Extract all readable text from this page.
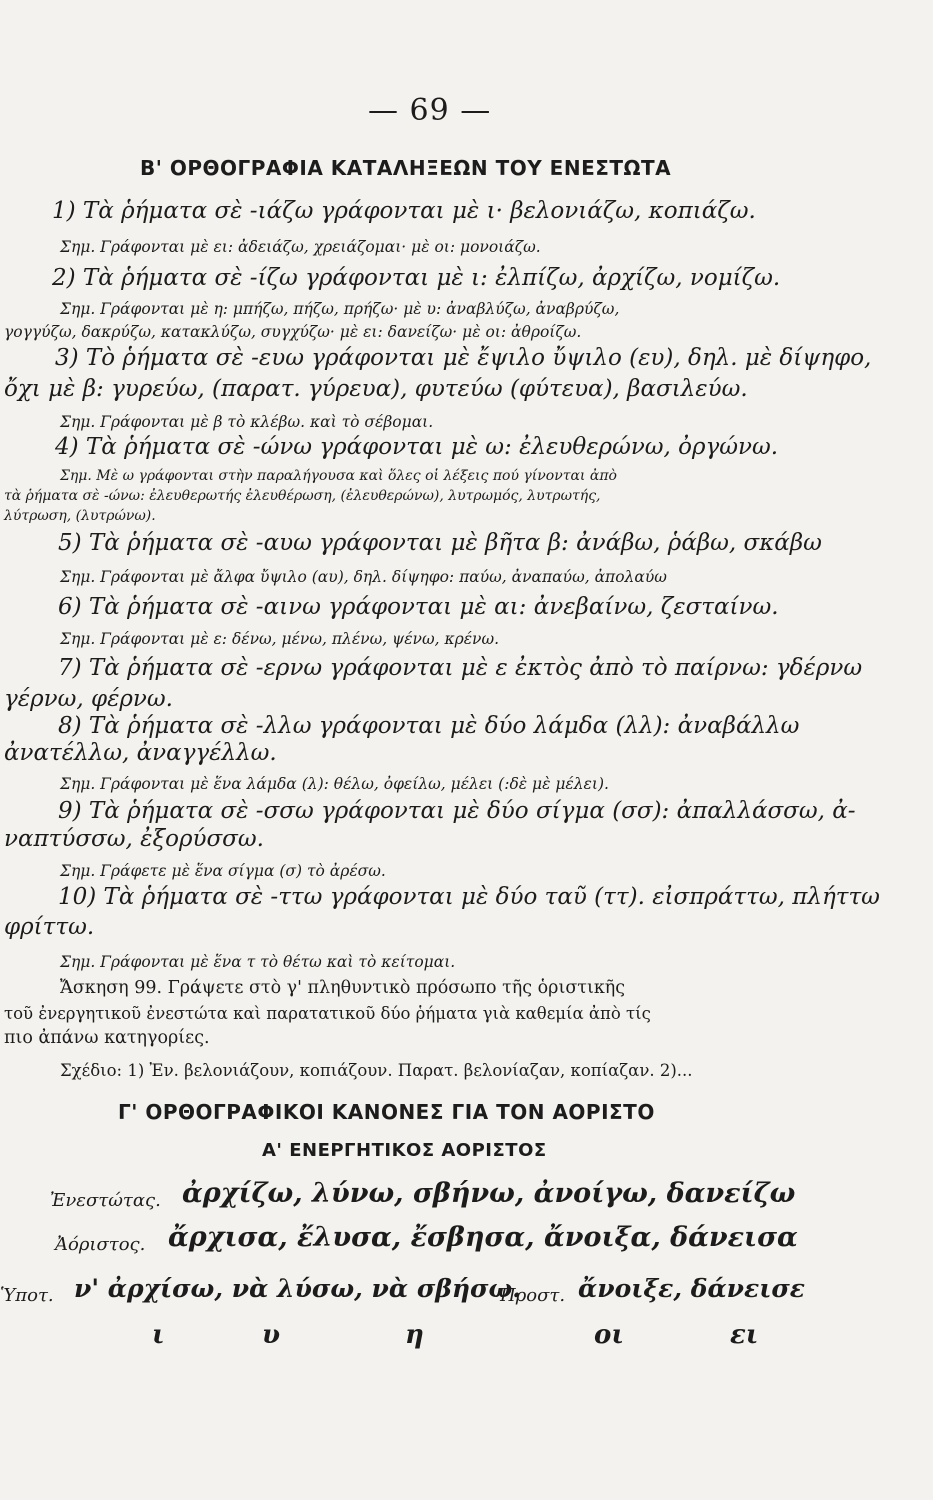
— 69 —
Β' ΟΡΘΟΓΡΑΦΙΑ ΚΑΤΑΛΗΞΕΩΝ ΤΟΥ ΕΝΕΣΤΩΤΑ
1) Τὰ ῥήματα σὲ -ιάζω γράφονται μὲ ι· βελονιάζω, κοπιάζω.
Σημ. Γράφονται μὲ ει: ἀδειάζω, χρειάζομαι· μὲ οι: μονοιάζω.
2) Τὰ ῥήματα σὲ -ίζω γράφονται μὲ ι: ἐλπίζω, ἀρχίζω, νομίζω.
Σημ. Γράφονται μὲ η: μπήζω, πήζω, πρήζω· μὲ υ: ἀναβλύζω, ἀναβρύζω,
γογγύζω, δακρύζω, κατακλύζω, συγχύζω· μὲ ει: δανείζω· μὲ οι: ἀθροίζω.
3) Τὸ ῥήματα σὲ -ευω γράφονται μὲ ἔψιλο ὔψιλο (ευ), δηλ. μὲ δίψηφο,
ὄχι μὲ β: γυρεύω, (παρατ. γύρευα), φυτεύω (φύτευα), βασιλεύω.
Σημ. Γράφονται μὲ β τὸ κλέβω. καὶ τὸ σέβομαι.
4) Τὰ ῥήματα σὲ -ώνω γράφονται μὲ ω: ἐλευθερώνω, ὀργώνω.
Σημ. Μὲ ω γράφονται στὴν παραλήγουσα καὶ ὅλες οἱ λέξεις πού γίνονται ἀπὸ
τὰ ῥήματα σὲ -ώνω: ἐλευθερωτής ἐλευθέρωση, (ἐλευθερώνω), λυτρωμός, λυτρωτής,
λύτρωση, (λυτρώνω).
5) Τὰ ῥήματα σὲ -αυω γράφονται μὲ βῆτα β: ἀνάβω, ῥάβω, σκάβω
Σημ. Γράφονται μὲ ἄλφα ὔψιλο (αυ), δηλ. δίψηφο: παύω, ἀναπαύω, ἀπολαύω
6) Τὰ ῥήματα σὲ -αινω γράφονται μὲ αι: ἀνεβαίνω, ζεσταίνω.
Σημ. Γράφονται μὲ ε: δένω, μένω, πλένω, ψένω, κρένω.
7) Τὰ ῥήματα σὲ -ερνω γράφονται μὲ ε ἐκτὸς ἀπὸ τὸ παίρνω: γδέρνω
γέρνω, φέρνω.
8) Τὰ ῥήματα σὲ -λλω γράφονται μὲ δύο λάμδα (λλ): ἀναβάλλω
ἀνατέλλω, ἀναγγέλλω.
Σημ. Γράφονται μὲ ἕνα λάμδα (λ): θέλω, ὀφείλω, μέλει (:δὲ μὲ μέλει).
9) Τὰ ῥήματα σὲ -σσω γράφονται μὲ δύο σίγμα (σσ): ἀπαλλάσσω, ἀ-
ναπτύσσω, ἐξορύσσω.
Σημ. Γράφετε μὲ ἕνα σίγμα (σ) τὸ ἀρέσω.
10) Τὰ ῥήματα σὲ -ττω γράφονται μὲ δύο ταῦ (ττ). εἰσπράττω, πλήττω
φρίττω.
Σημ. Γράφονται μὲ ἕνα τ τὸ θέτω καὶ τὸ κείτομαι.
Ἄσκηση 99. Γράψετε στὸ γ' πληθυντικὸ πρόσωπο τῆς ὁριστικῆς
τοῦ ἐνεργητικοῦ ἐνεστώτα καὶ παρατατικοῦ δύο ῥήματα γιὰ καθεμία ἀπὸ τίς
πιο ἀπάνω κατηγορίες.
Σχέδιο: 1) Ἐν. βελονιάζουν, κοπιάζουν. Παρατ. βελονίαζαν, κοπίαζαν. 2)...
Γ' ΟΡΘΟΓΡΑΦΙΚΟΙ ΚΑΝΟΝΕΣ ΓΙΑ ΤΟΝ ΑΟΡΙΣΤΟ
Α' ΕΝΕΡΓΗΤΙΚΟΣ ΑΟΡΙΣΤΟΣ
Ἐνεστώτας. ἀρχίζω, λύνω, σβήνω, ἀνοίγω, δανείζω
Ἀόριστος. ἄρχισα, ἔλυσα, ἔσβησα, ἄνοιξα, δάνεισα
Ὑποτ. ν' ἀρχίσω, νὰ λύσω, νὰ σβήσω.
Προστ. ἄνοιξε, δάνεισε
ι	υ	η	οι	ει
